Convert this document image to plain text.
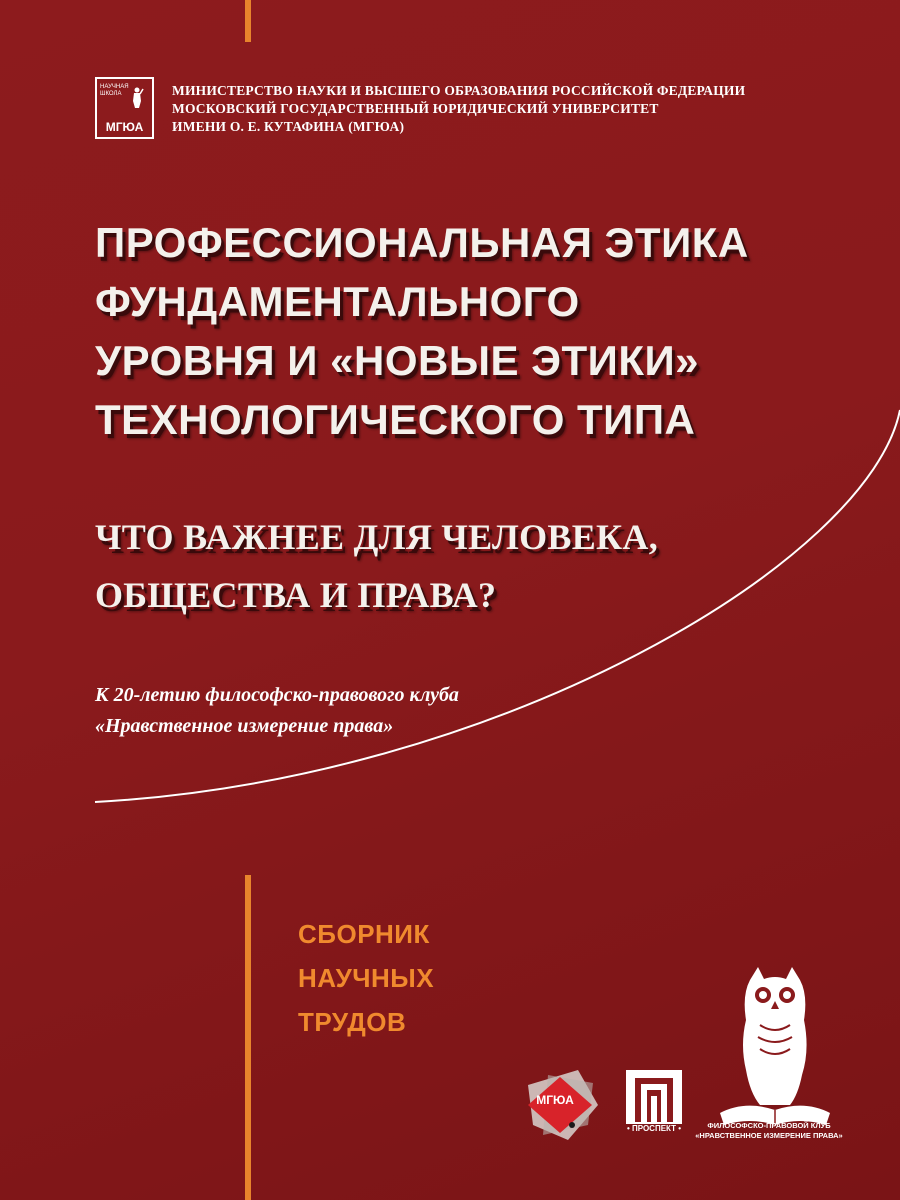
НАУЧНАЯ
ШКОЛА
МГЮА
МИНИСТЕРСТВО НАУКИ И ВЫСШЕГО ОБРАЗОВАНИЯ РОССИЙСКОЙ ФЕДЕРАЦИИ
МОСКОВСКИЙ ГОСУДАРСТВЕННЫЙ ЮРИДИЧЕСКИЙ УНИВЕРСИТЕТ
ИМЕНИ О. Е. КУТАФИНА (МГЮА)
ПРОФЕССИОНАЛЬНАЯ ЭТИКА
ФУНДАМЕНТАЛЬНОГО
УРОВНЯ И «НОВЫЕ ЭТИКИ»
ТЕХНОЛОГИЧЕСКОГО ТИПА
ЧТО ВАЖНЕЕ ДЛЯ ЧЕЛОВЕКА,
ОБЩЕСТВА И ПРАВА?
К 20-летию философско-правового клуба
«Нравственное измерение права»
СБОРНИК
НАУЧНЫХ
ТРУДОВ
МГЮА
• ПРОСПЕКТ •	ФИЛОСОФСКО-ПРАВОВОЙ КЛУБ
«НРАВСТВЕННОЕ ИЗМЕРЕНИЕ ПРАВА»
